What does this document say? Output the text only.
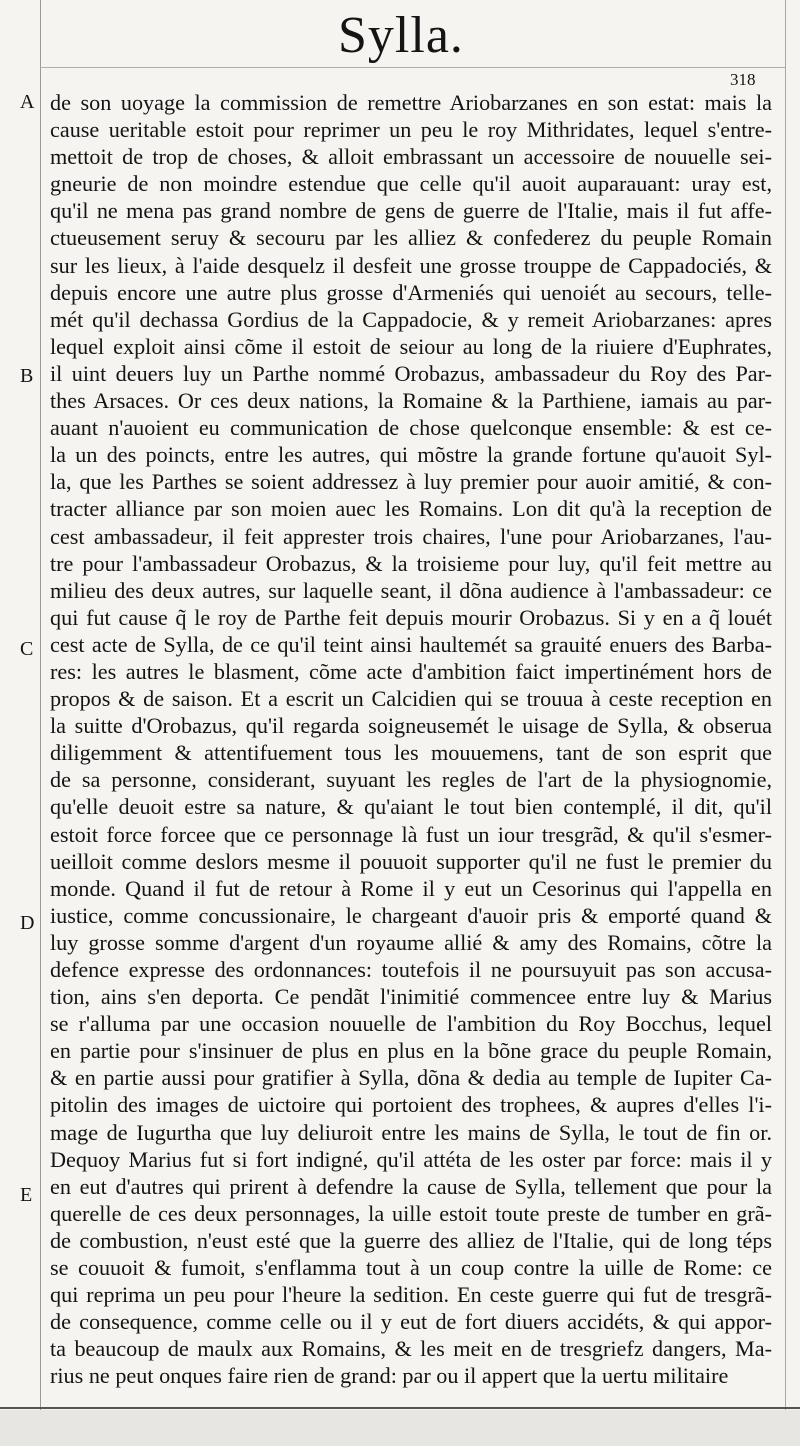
Sylla.
318
A
B
C
D
E
de son uoyage la commission de remettre Ariobarzanes en son estat: mais la
cause ueritable estoit pour reprimer un peu le roy Mithridates, lequel s'entre-
mettoit de trop de choses, & alloit embrassant un accessoire de nouuelle sei-
gneurie de non moindre estendue que celle qu'il auoit auparauant: uray est,
qu'il ne mena pas grand nombre de gens de guerre de l'Italie, mais il fut affe-
ctueusement seruy & secouru par les alliez & confederez du peuple Romain
sur les lieux, à l'aide desquelz il desfeit une grosse trouppe de Cappadociés, &
depuis encore une autre plus grosse d'Armeniés qui uenoiét au secours, telle-
mét qu'il dechassa Gordius de la Cappadocie, & y remeit Ariobarzanes: apres
lequel exploit ainsi cõme il estoit de seiour au long de la riuiere d'Euphrates,
il uint deuers luy un Parthe nommé Orobazus, ambassadeur du Roy des Par-
thes Arsaces. Or ces deux nations, la Romaine & la Parthiene, iamais au par-
auant n'auoient eu communication de chose quelconque ensemble: & est ce-
la un des poincts, entre les autres, qui mõstre la grande fortune qu'auoit Syl-
la, que les Parthes se soient addressez à luy premier pour auoir amitié, & con-
tracter alliance par son moien auec les Romains. Lon dit qu'à la reception de
cest ambassadeur, il feit apprester trois chaires, l'une pour Ariobarzanes, l'au-
tre pour l'ambassadeur Orobazus, & la troisieme pour luy, qu'il feit mettre au
milieu des deux autres, sur laquelle seant, il dõna audience à l'ambassadeur: ce
qui fut cause q̃ le roy de Parthe feit depuis mourir Orobazus. Si y en a q̃ louét
cest acte de Sylla, de ce qu'il teint ainsi haultemét sa grauité enuers des Barba-
res: les autres le blasment, cõme acte d'ambition faict impertinément hors de
propos & de saison. Et a escrit un Calcidien qui se trouua à ceste reception en
la suitte d'Orobazus, qu'il regarda soigneusemét le uisage de Sylla, & obserua
diligemment & attentifuement tous les mouuemens, tant de son esprit que
de sa personne, considerant, suyuant les regles de l'art de la physiognomie,
qu'elle deuoit estre sa nature, & qu'aiant le tout bien contemplé, il dit, qu'il
estoit force forcee que ce personnage là fust un iour tresgrãd, & qu'il s'esmer-
ueilloit comme deslors mesme il pouuoit supporter qu'il ne fust le premier du
monde. Quand il fut de retour à Rome il y eut un Cesorinus qui l'appella en
iustice, comme concussionaire, le chargeant d'auoir pris & emporté quand &
luy grosse somme d'argent d'un royaume allié & amy des Romains, cõtre la
defence expresse des ordonnances: toutefois il ne poursuyuit pas son accusa-
tion, ains s'en deporta. Ce pendãt l'inimitié commencee entre luy & Marius
se r'alluma par une occasion nouuelle de l'ambition du Roy Bocchus, lequel
en partie pour s'insinuer de plus en plus en la bõne grace du peuple Romain,
& en partie aussi pour gratifier à Sylla, dõna & dedia au temple de Iupiter Ca-
pitolin des images de uictoire qui portoient des trophees, & aupres d'elles l'i-
mage de Iugurtha que luy deliuroit entre les mains de Sylla, le tout de fin or.
Dequoy Marius fut si fort indigné, qu'il attéta de les oster par force: mais il y
en eut d'autres qui prirent à defendre la cause de Sylla, tellement que pour la
querelle de ces deux personnages, la uille estoit toute preste de tumber en grã-
de combustion, n'eust esté que la guerre des alliez de l'Italie, qui de long téps
se couuoit & fumoit, s'enflamma tout à un coup contre la uille de Rome: ce
qui reprima un peu pour l'heure la sedition. En ceste guerre qui fut de tresgrã-
de consequence, comme celle ou il y eut de fort diuers accidéts, & qui appor-
ta beaucoup de maulx aux Romains, & les meit en de tresgriefz dangers, Ma-
rius ne peut onques faire rien de grand: par ou il appert que la uertu militaire
